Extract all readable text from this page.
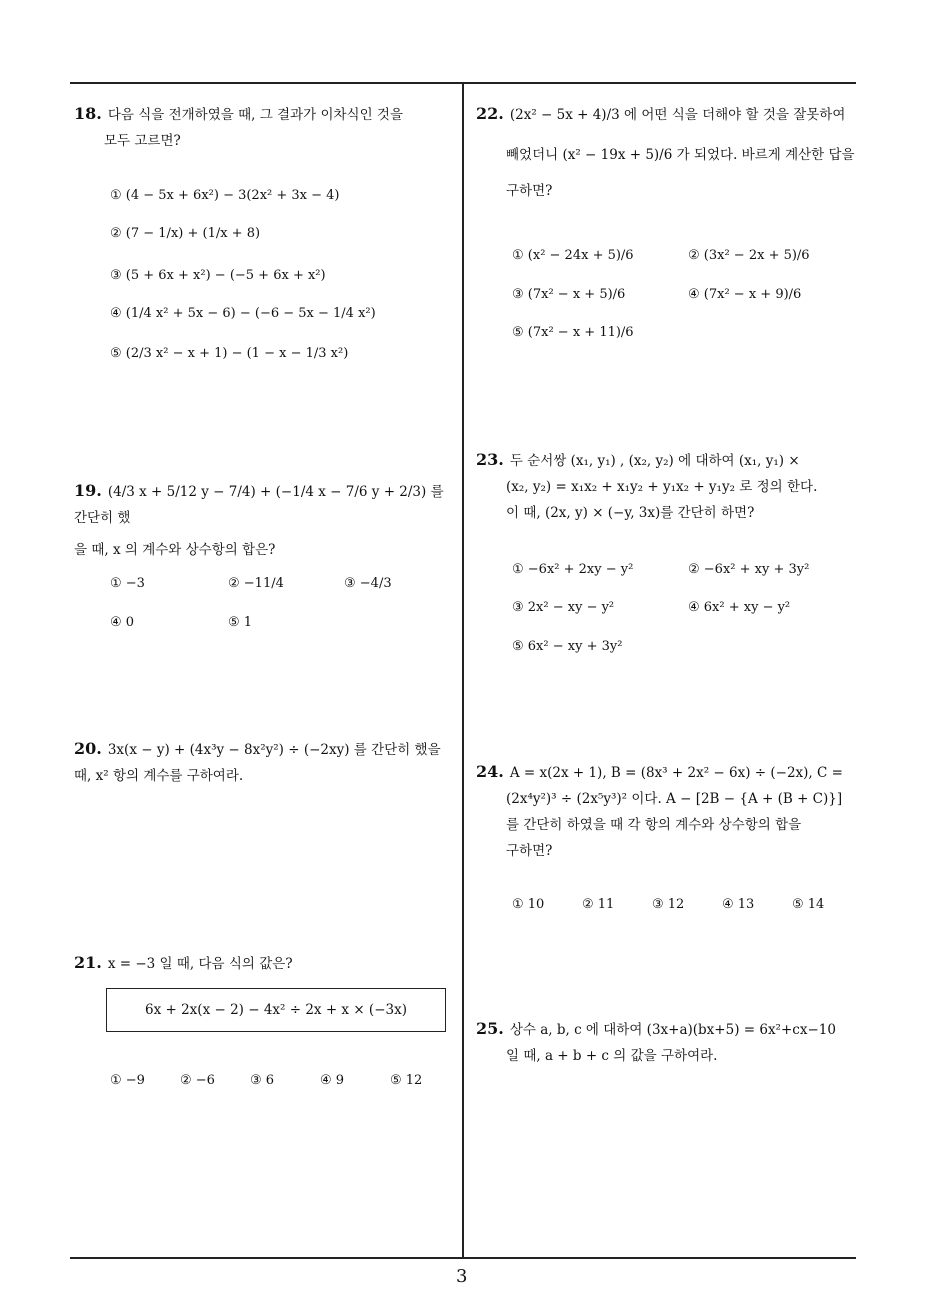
18. 다음 식을 전개하였을 때, 그 결과가 이차식인 것을
모두 고르면?
① (4 − 5x + 6x²) − 3(2x² + 3x − 4)
② (7 − 1/x) + (1/x + 8)
③ (5 + 6x + x²) − (−5 + 6x + x²)
④ (1/4 x² + 5x − 6) − (−6 − 5x − 1/4 x²)
⑤ (2/3 x² − x + 1) − (1 − x − 1/3 x²)
19. (4/3 x + 5/12 y − 7/4) + (−1/4 x − 7/6 y + 2/3) 를 간단히 했
을 때, x 의 계수와 상수항의 합은?
① −3	② −11/4	③ −4/3
④ 0	⑤ 1
20. 3x(x − y) + (4x³y − 8x²y²) ÷ (−2xy) 를 간단히 했을
때, x² 항의 계수를 구하여라.
21. x = −3 일 때, 다음 식의 값은?
6x + 2x(x − 2) − 4x² ÷ 2x + x × (−3x)
① −9	② −6	③ 6	④ 9	⑤ 12
22. (2x² − 5x + 4)/3 에 어떤 식을 더해야 할 것을 잘못하여
빼었더니 (x² − 19x + 5)/6 가 되었다. 바르게 계산한 답을
구하면?
① (x² − 24x + 5)/6	② (3x² − 2x + 5)/6
③ (7x² − x + 5)/6	④ (7x² − x + 9)/6
⑤ (7x² − x + 11)/6
23. 두 순서쌍 (x₁, y₁) , (x₂, y₂) 에 대하여 (x₁, y₁) ×
(x₂, y₂) = x₁x₂ + x₁y₂ + y₁x₂ + y₁y₂ 로 정의 한다.
이 때, (2x, y) × (−y, 3x)를 간단히 하면?
① −6x² + 2xy − y²	② −6x² + xy + 3y²
③ 2x² − xy − y²	④ 6x² + xy − y²
⑤ 6x² − xy + 3y²
24. A = x(2x + 1), B = (8x³ + 2x² − 6x) ÷ (−2x), C =
(2x⁴y²)³ ÷ (2x⁵y³)² 이다. A − [2B − {A + (B + C)}]
를 간단히 하였을 때 각 항의 계수와 상수항의 합을
구하면?
① 10	② 11	③ 12	④ 13	⑤ 14
25. 상수 a, b, c 에 대하여 (3x+a)(bx+5) = 6x²+cx−10
일 때, a + b + c 의 값을 구하여라.
3
